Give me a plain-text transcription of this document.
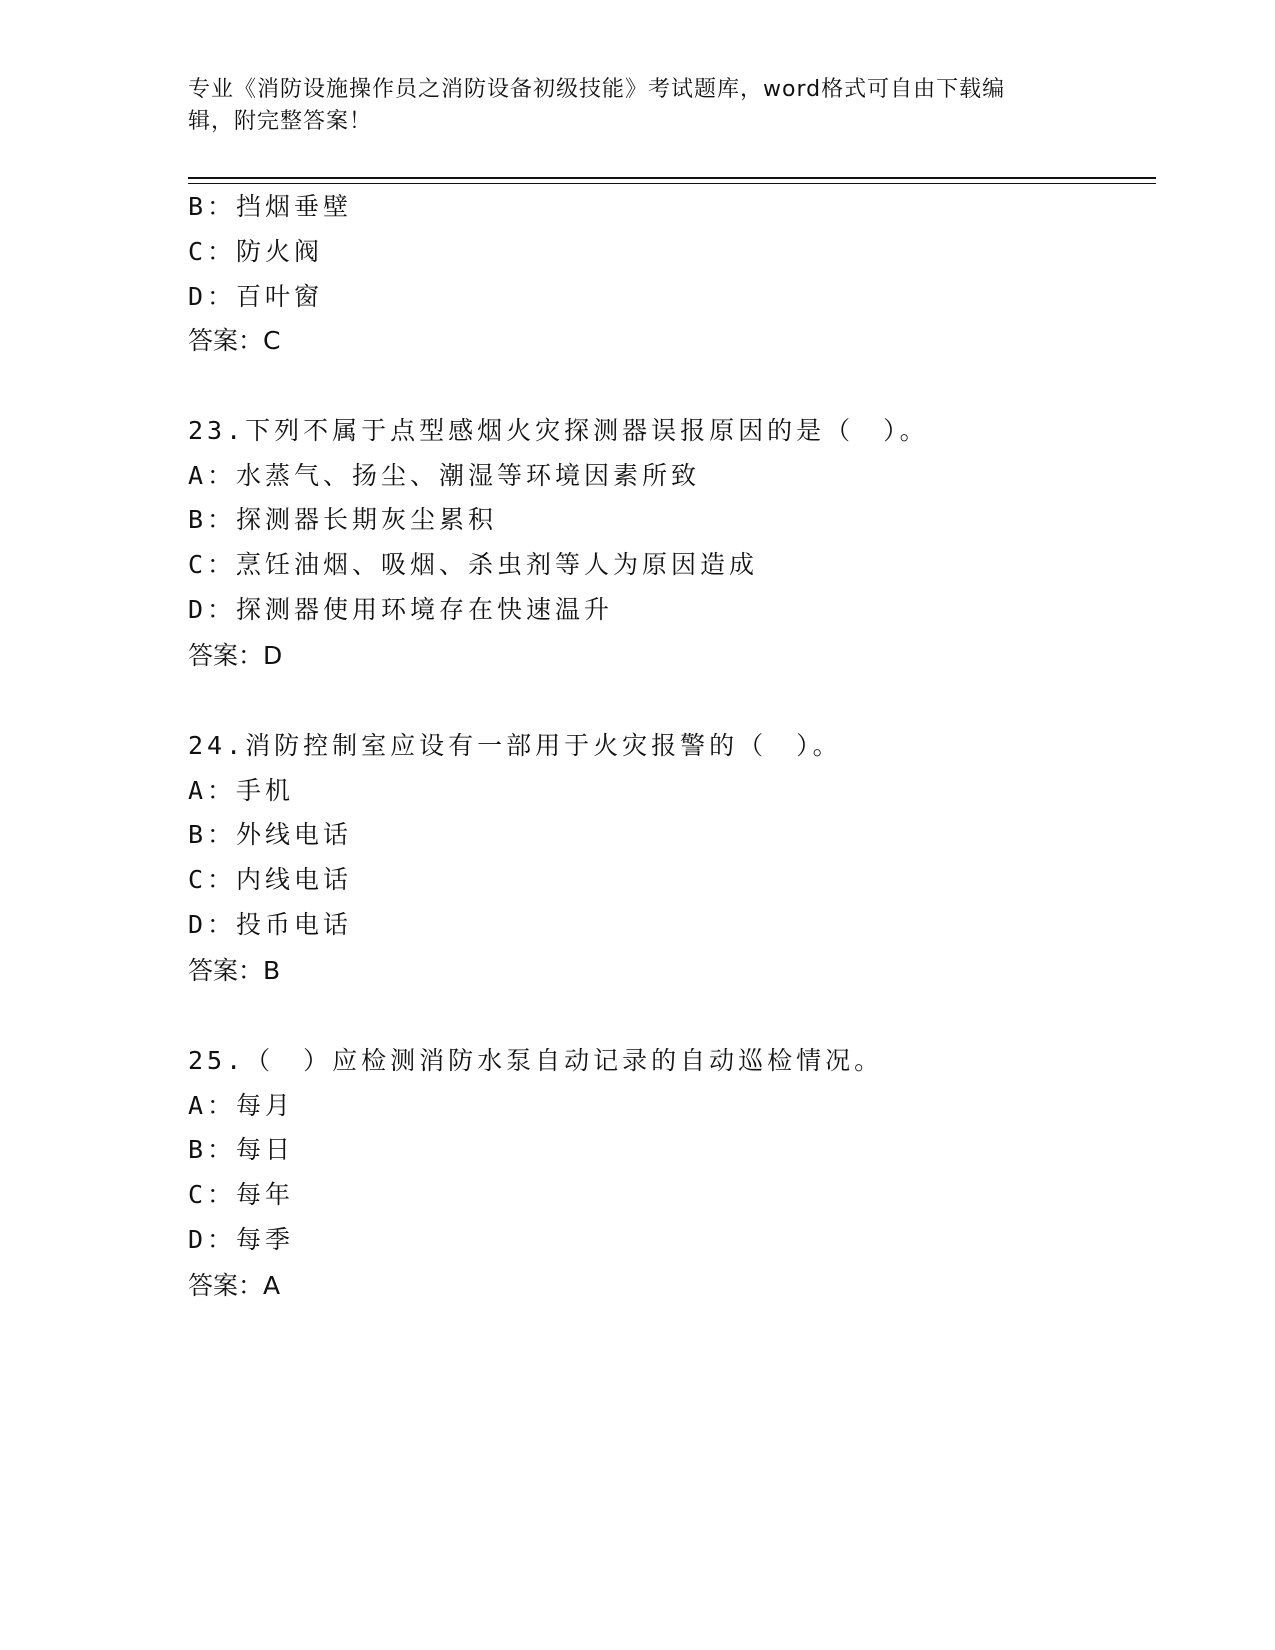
专业《消防设施操作员之消防设备初级技能》考试题库，word格式可自由下载编
辑，附完整答案！
B：挡烟垂壁
C：防火阀
D：百叶窗
答案：C
23.下列不属于点型感烟火灾探测器误报原因的是（　）。
A：水蒸气、扬尘、潮湿等环境因素所致
B：探测器长期灰尘累积
C：烹饪油烟、吸烟、杀虫剂等人为原因造成
D：探测器使用环境存在快速温升
答案：D
24.消防控制室应设有一部用于火灾报警的（　）。
A：手机
B：外线电话
C：内线电话
D：投币电话
答案：B
25.（　）应检测消防水泵自动记录的自动巡检情况。
A：每月
B：每日
C：每年
D：每季
答案：A
